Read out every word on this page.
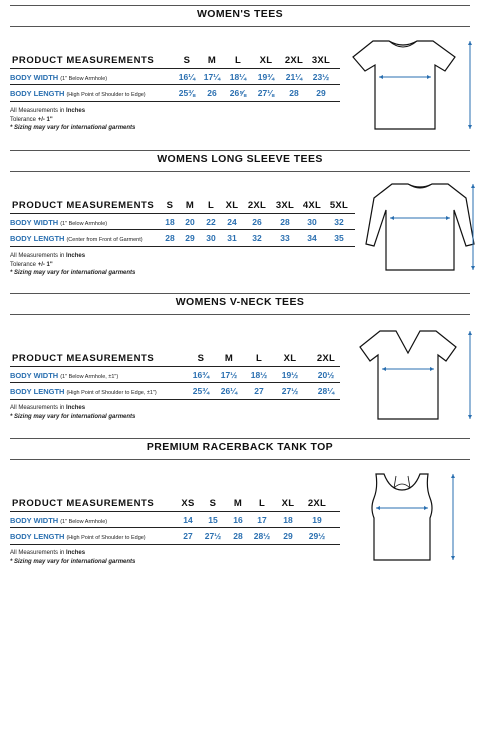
WOMEN'S TEES
PRODUCT MEASUREMENTS	S	M	L	XL	2XL 3XL
BODY WIDTH (1" Below Armhole)	16¼ 17¼	18¼	19¾	21¼	23½
BODY LENGTH (High Point of Shoulder to Edge)	25⅜	26	26⅝	27⅛	28	29
All Measurements in Inches
Tolerance +/- 1"
* Sizing may vary for international garments
WOMENS LONG SLEEVE TEES
PRODUCT MEASUREMENTS	S	M	L	XL 2XL	3XL 4XL 5XL
BODY WIDTH (1" Below Armhole)	18	20	22	24	26	28	30	32
BODY LENGTH (Center from Front of Garment)	28	29	30	31	32	33	34	35
All Measurements in Inches
Tolerance +/- 1"
* Sizing may vary for international garments
WOMENS V-NECK TEES
PRODUCT MEASUREMENTS	S	M	L	XL	2XL
BODY WIDTH (1" Below Armhole, ±1")	16¾	17½	18½	19½	20½
BODY LENGTH (High Point of Shoulder to Edge, ±1")	25¾	26¼	27	27½	28¼
All Measurements in Inches
* Sizing may vary for international garments
PREMIUM RACERBACK TANK TOP
PRODUCT MEASUREMENTS	XS	S	M	L	XL	2XL
BODY WIDTH (1" Below Armhole)	14	15	16	17	18	19
BODY LENGTH (High Point of Shoulder to Edge)	27	27½	28	28½	29	29½
All Measurements in Inches
* Sizing may vary for international garments
